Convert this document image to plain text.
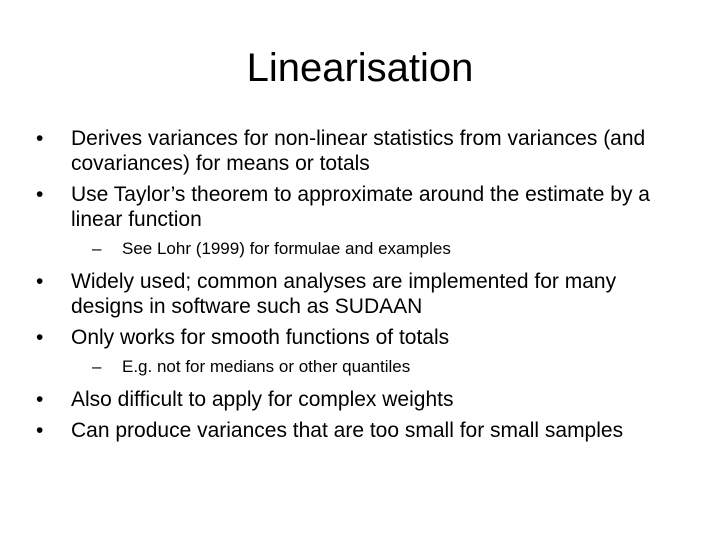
Linearisation
•	Derives variances for non-linear statistics from variances (and covariances) for means or totals
•	Use Taylor’s theorem to approximate around the estimate by a linear function
– See Lohr (1999) for formulae and examples
•	Widely used; common analyses are implemented for many designs in software such as SUDAAN
•	Only works for smooth functions of totals
– E.g. not for medians or other quantiles
•	Also difficult to apply for complex weights
•	Can produce variances that are too small for small samples
